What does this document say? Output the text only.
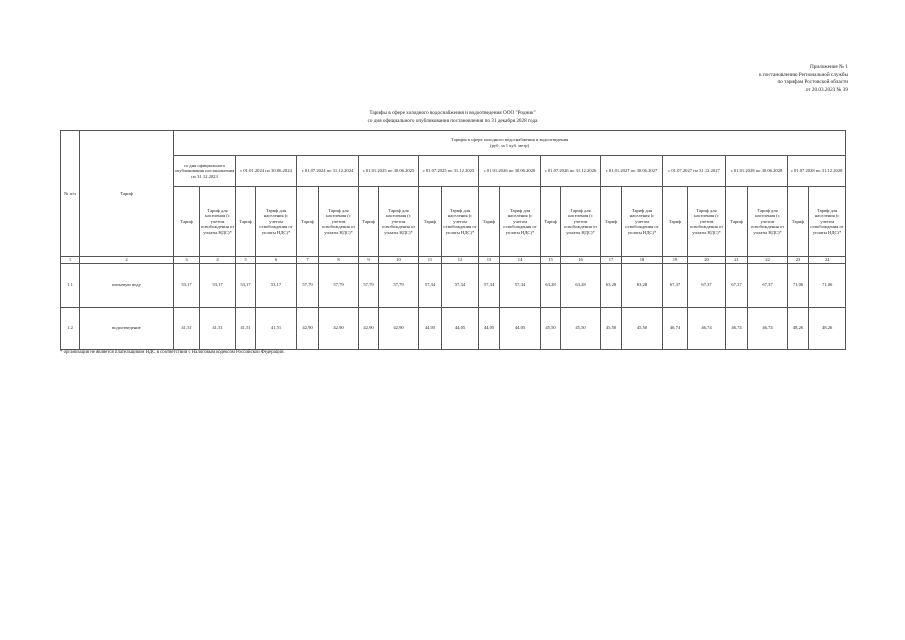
Приложение № 1
к постановлению Региональной службы
по тарифам Ростовской области
от 20.03.2023 № 39
Тарифы в сфере холодного водоснабжения и водоотведения ООО "Родник"
со дня официального опубликования постановления по 31 декабря 2028 года
№ п/п	Тариф	Тарифы в сфере холодного водоснабжения и водоотведения
(руб. за 1 куб. метр)																					

		со дня официального опубликования постановления по 31.12.2023		с 01.01.2024 по 30.06.2024		с 01.07.2024 по 31.12.2024		с 01.01.2025 по 30.06.2025		с 01.07.2025 по 31.12.2025		с 01.01.2026 по 30.06.2026		с 01.07.2026 по 31.12.2026		с 01.01.2027 по 30.06.2027		с 01.07.2027 по 31.12.2027		с 01.01.2028 по 30.06.2028		с 01.07.2028 по 31.12.2028	
		Тариф	Тариф для населения (с учетом освобождения от уплаты НДС)*	Тариф	Тариф для населения (с учетом освобождения от уплаты НДС)*	Тариф	Тариф для населения (с учетом освобождения от уплаты НДС)*	Тариф	Тариф для населения (с учетом освобождения от уплаты НДС)*	Тариф	Тариф для населения (с учетом освобождения от уплаты НДС)*	Тариф	Тариф для населения (с учетом освобождения от уплаты НДС)*	Тариф	Тариф для населения (с учетом освобождения от уплаты НДС)*	Тариф	Тариф для населения (с учетом освобождения от уплаты НДС)*	Тариф	Тариф для населения (с учетом освобождения от уплаты НДС)*	Тариф	Тариф для населения (с учетом освобождения от уплаты НДС)*	Тариф	Тариф для населения (с учетом освобождения от уплаты НДС)*
1	2	3	4	5	6	7	8	9	10	11	12	13	14	15	16	17	18	19	20	21	22	23	24
1.1	питьевую воду	53,17	53,17	53,17	53,17	57,79	57,79	57,79	57,79	57,34	57,34	57,34	57,34	63,28	63,28	63,28	63,28	67,37	67,37	67,37	67,37	71,06	71,06
1.2	водоотведение	41,51	41,51	41,51	41,51	42,90	42,90	42,90	42,90	44,05	44,05	44,05	44,05	45,50	45,50	45,50	45,50	46,74	46,74	46,74	46,74	48,26	48,26
* организация не является плательщиком НДС в соответствии с Налоговым кодексом Российской Федерации.
